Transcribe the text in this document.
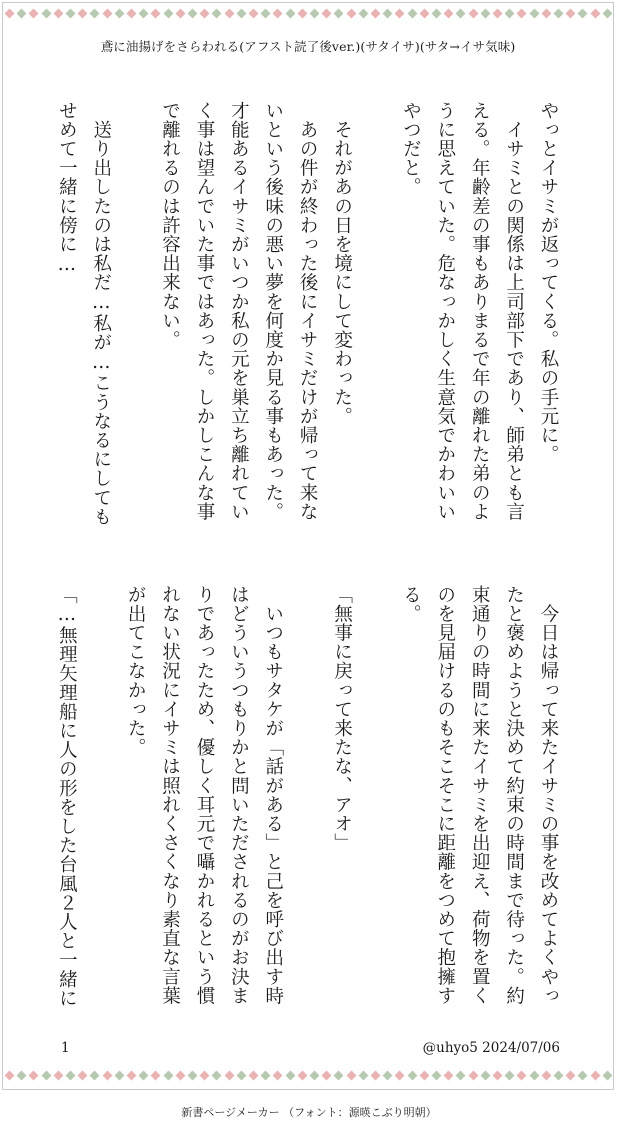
鳶に油揚げをさらわれる(アフスト読了後ver.)(サタイサ)(サタ→イサ気味)
やっとイサミが返ってくる。私の手元に。
　イサミとの関係は上司部下であり、師弟とも言
える。年齢差の事もありまるで年の離れた弟のよ
うに思えていた。危なっかしく生意気でかわいい
やつだと。

　それがあの日を境にして変わった。
　あの件が終わった後にイサミだけが帰って来な
いという後味の悪い夢を何度か見る事もあった。
才能あるイサミがいつか私の元を巣立ち離れてい
く事は望んでいた事ではあった。しかしこんな事
で離れるのは許容出来ない。

　送り出したのは私だ…私が…こうなるにしても
せめて一緒に傍に…
　今日は帰って来たイサミの事を改めてよくやっ
たと褒めようと決めて約束の時間まで待った。約
束通りの時間に来たイサミを出迎え、荷物を置く
のを見届けるのもそこそこに距離をつめて抱擁す
る。

「無事に戻って来たな、アオ」

　いつもサタケが「話がある」と己を呼び出す時
はどういうつもりかと問いただされるのがお決ま
りであったため、優しく耳元で囁かれるという慣
れない状況にイサミは照れくさくなり素直な言葉
が出てこなかった。

「…無理矢理船に人の形をした台風２人と一緒に
1	@uhyo5 2024/07/06
新書ページメーカー （フォント：源暎こぶり明朝）
